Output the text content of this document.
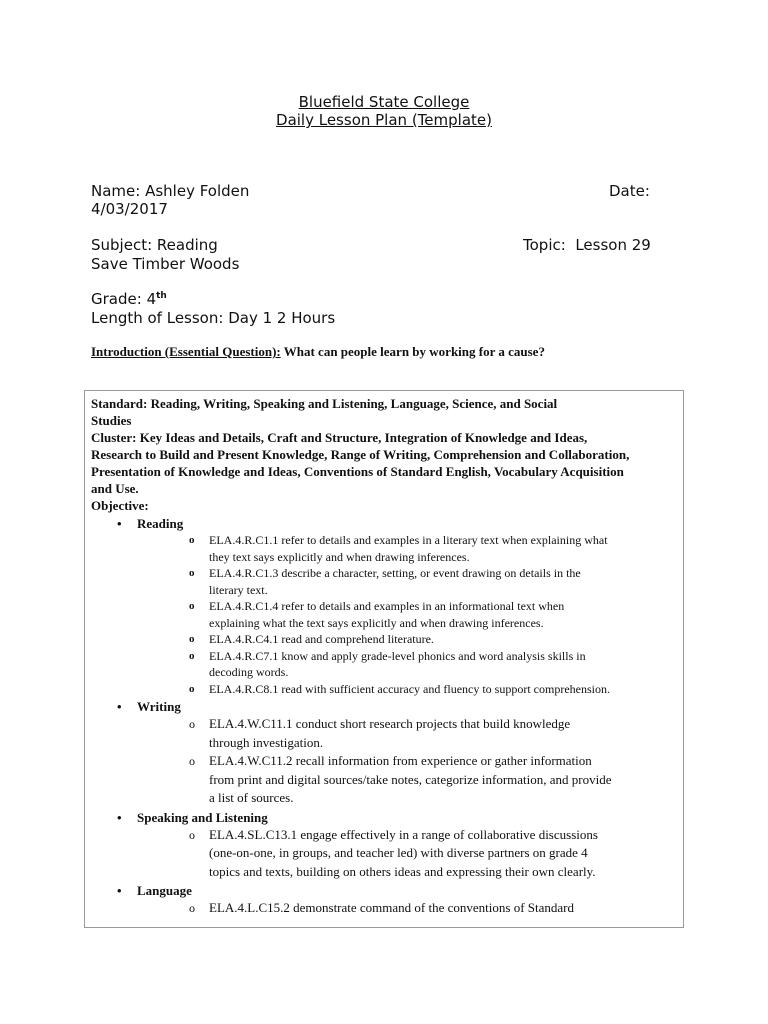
Bluefield State College
Daily Lesson Plan (Template)
Name: Ashley Folden	Date:
4/03/2017
Subject: Reading	Topic: Lesson 29
Save Timber Woods
Grade: 4th
Length of Lesson: Day 1 2 Hours
Introduction (Essential Question): What can people learn by working for a cause?
Standard: Reading, Writing, Speaking and Listening, Language, Science, and Social
Studies
Cluster: Key Ideas and Details, Craft and Structure, Integration of Knowledge and Ideas,
Research to Build and Present Knowledge, Range of Writing, Comprehension and Collaboration,
Presentation of Knowledge and Ideas, Conventions of Standard English, Vocabulary Acquisition
and Use.
Objective:
• Reading
o ELA.4.R.C1.1 refer to details and examples in a literary text when explaining what
they text says explicitly and when drawing inferences.
o ELA.4.R.C1.3 describe a character, setting, or event drawing on details in the
literary text.
o ELA.4.R.C1.4 refer to details and examples in an informational text when
explaining what the text says explicitly and when drawing inferences.
o ELA.4.R.C4.1 read and comprehend literature.
o ELA.4.R.C7.1 know and apply grade-level phonics and word analysis skills in
decoding words.
o ELA.4.R.C8.1 read with sufficient accuracy and fluency to support comprehension.
• Writing
o ELA.4.W.C11.1 conduct short research projects that build knowledge
through investigation.
o ELA.4.W.C11.2 recall information from experience or gather information
from print and digital sources/take notes, categorize information, and provide
a list of sources.
• Speaking and Listening
o ELA.4.SL.C13.1 engage effectively in a range of collaborative discussions
(one-on-one, in groups, and teacher led) with diverse partners on grade 4
topics and texts, building on others ideas and expressing their own clearly.
• Language
o ELA.4.L.C15.2 demonstrate command of the conventions of Standard
